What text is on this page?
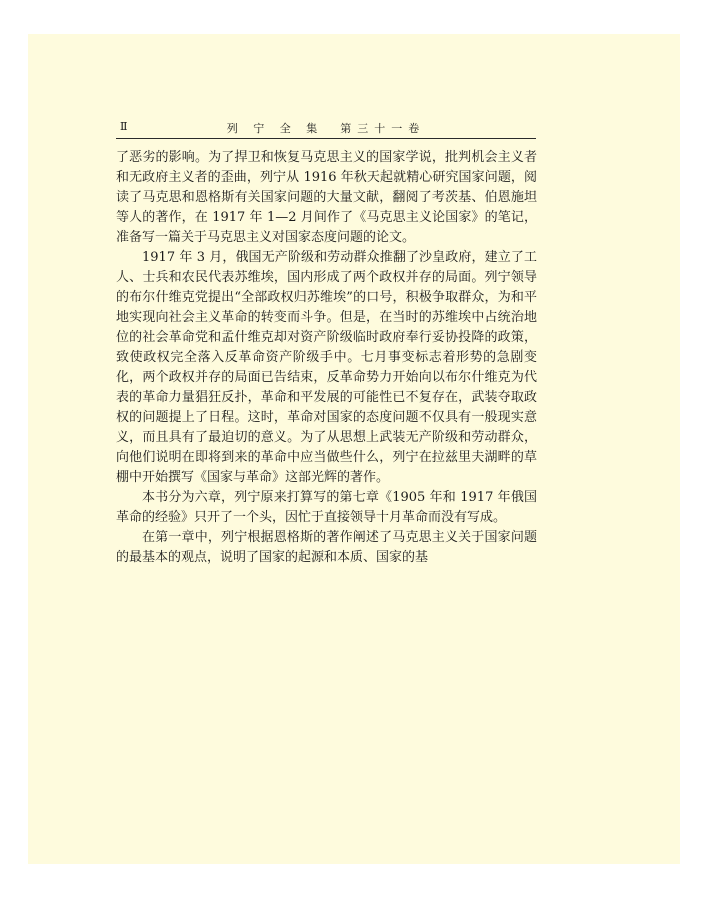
Ⅱ	列 宁 全 集　第三十一卷

了恶劣的影响。为了捍卫和恢复马克思主义的国家学说，批判机会主义者和无政府主义者的歪曲，列宁从 1916 年秋天起就精心研究国家问题，阅读了马克思和恩格斯有关国家问题的大量文献，翻阅了考茨基、伯恩施坦等人的著作，在 1917 年 1—2 月间作了《马克思主义论国家》的笔记，准备写一篇关于马克思主义对国家态度问题的论文。

1917 年 3 月，俄国无产阶级和劳动群众推翻了沙皇政府，建立了工人、士兵和农民代表苏维埃，国内形成了两个政权并存的局面。列宁领导的布尔什维克党提出“全部政权归苏维埃”的口号，积极争取群众，为和平地实现向社会主义革命的转变而斗争。但是，在当时的苏维埃中占统治地位的社会革命党和孟什维克却对资产阶级临时政府奉行妥协投降的政策，致使政权完全落入反革命资产阶级手中。七月事变标志着形势的急剧变化，两个政权并存的局面已告结束，反革命势力开始向以布尔什维克为代表的革命力量猖狂反扑，革命和平发展的可能性已不复存在，武装夺取政权的问题提上了日程。这时，革命对国家的态度问题不仅具有一般现实意义，而且具有了最迫切的意义。为了从思想上武装无产阶级和劳动群众，向他们说明在即将到来的革命中应当做些什么，列宁在拉兹里夫湖畔的草棚中开始撰写《国家与革命》这部光辉的著作。

本书分为六章，列宁原来打算写的第七章《1905 年和 1917 年俄国革命的经验》只开了一个头，因忙于直接领导十月革命而没有写成。

在第一章中，列宁根据恩格斯的著作阐述了马克思主义关于国家问题的最基本的观点，说明了国家的起源和本质、国家的基
